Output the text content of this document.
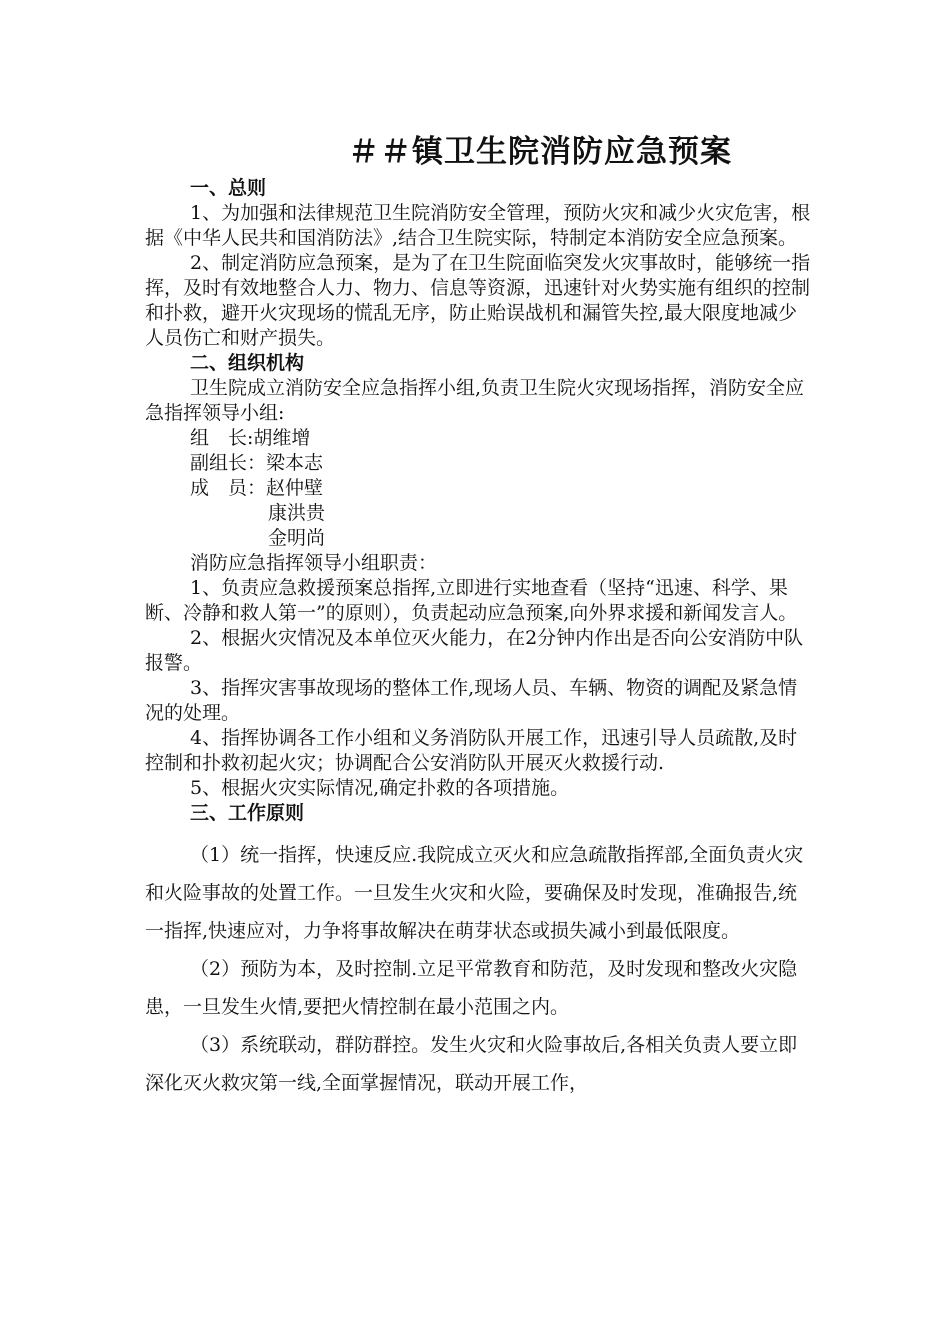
＃＃镇卫生院消防应急预案

一、总则

1、为加强和法律规范卫生院消防安全管理，预防火灾和减少火灾危害，根据《中华人民共和国消防法》,结合卫生院实际，特制定本消防安全应急预案。

2、制定消防应急预案，是为了在卫生院面临突发火灾事故时，能够统一指挥，及时有效地整合人力、物力、信息等资源，迅速针对火势实施有组织的控制和扑救，避开火灾现场的慌乱无序，防止贻误战机和漏管失控,最大限度地减少人员伤亡和财产损失。

二、组织机构

卫生院成立消防安全应急指挥小组,负责卫生院火灾现场指挥，消防安全应急指挥领导小组:

组　长:胡维增

副组长：梁本志

成　员：赵仲壁

康洪贵

金明尚

消防应急指挥领导小组职责：

1、负责应急救援预案总指挥,立即进行实地查看（坚持“迅速、科学、果断、冷静和救人第一”的原则），负责起动应急预案,向外界求援和新闻发言人。

2、根据火灾情况及本单位灭火能力，在2分钟内作出是否向公安消防中队报警。

3、指挥灾害事故现场的整体工作,现场人员、车辆、物资的调配及紧急情况的处理。

4、指挥协调各工作小组和义务消防队开展工作，迅速引导人员疏散,及时控制和扑救初起火灾；协调配合公安消防队开展灭火救援行动.

5、根据火灾实际情况,确定扑救的各项措施。

三、工作原则

（1）统一指挥，快速反应.我院成立灭火和应急疏散指挥部,全面负责火灾和火险事故的处置工作。一旦发生火灾和火险，要确保及时发现，准确报告,统一指挥,快速应对，力争将事故解决在萌芽状态或损失减小到最低限度。

（2）预防为本，及时控制.立足平常教育和防范，及时发现和整改火灾隐患，一旦发生火情,要把火情控制在最小范围之内。

（3）系统联动，群防群控。发生火灾和火险事故后,各相关负责人要立即深化灭火救灾第一线,全面掌握情况，联动开展工作，
